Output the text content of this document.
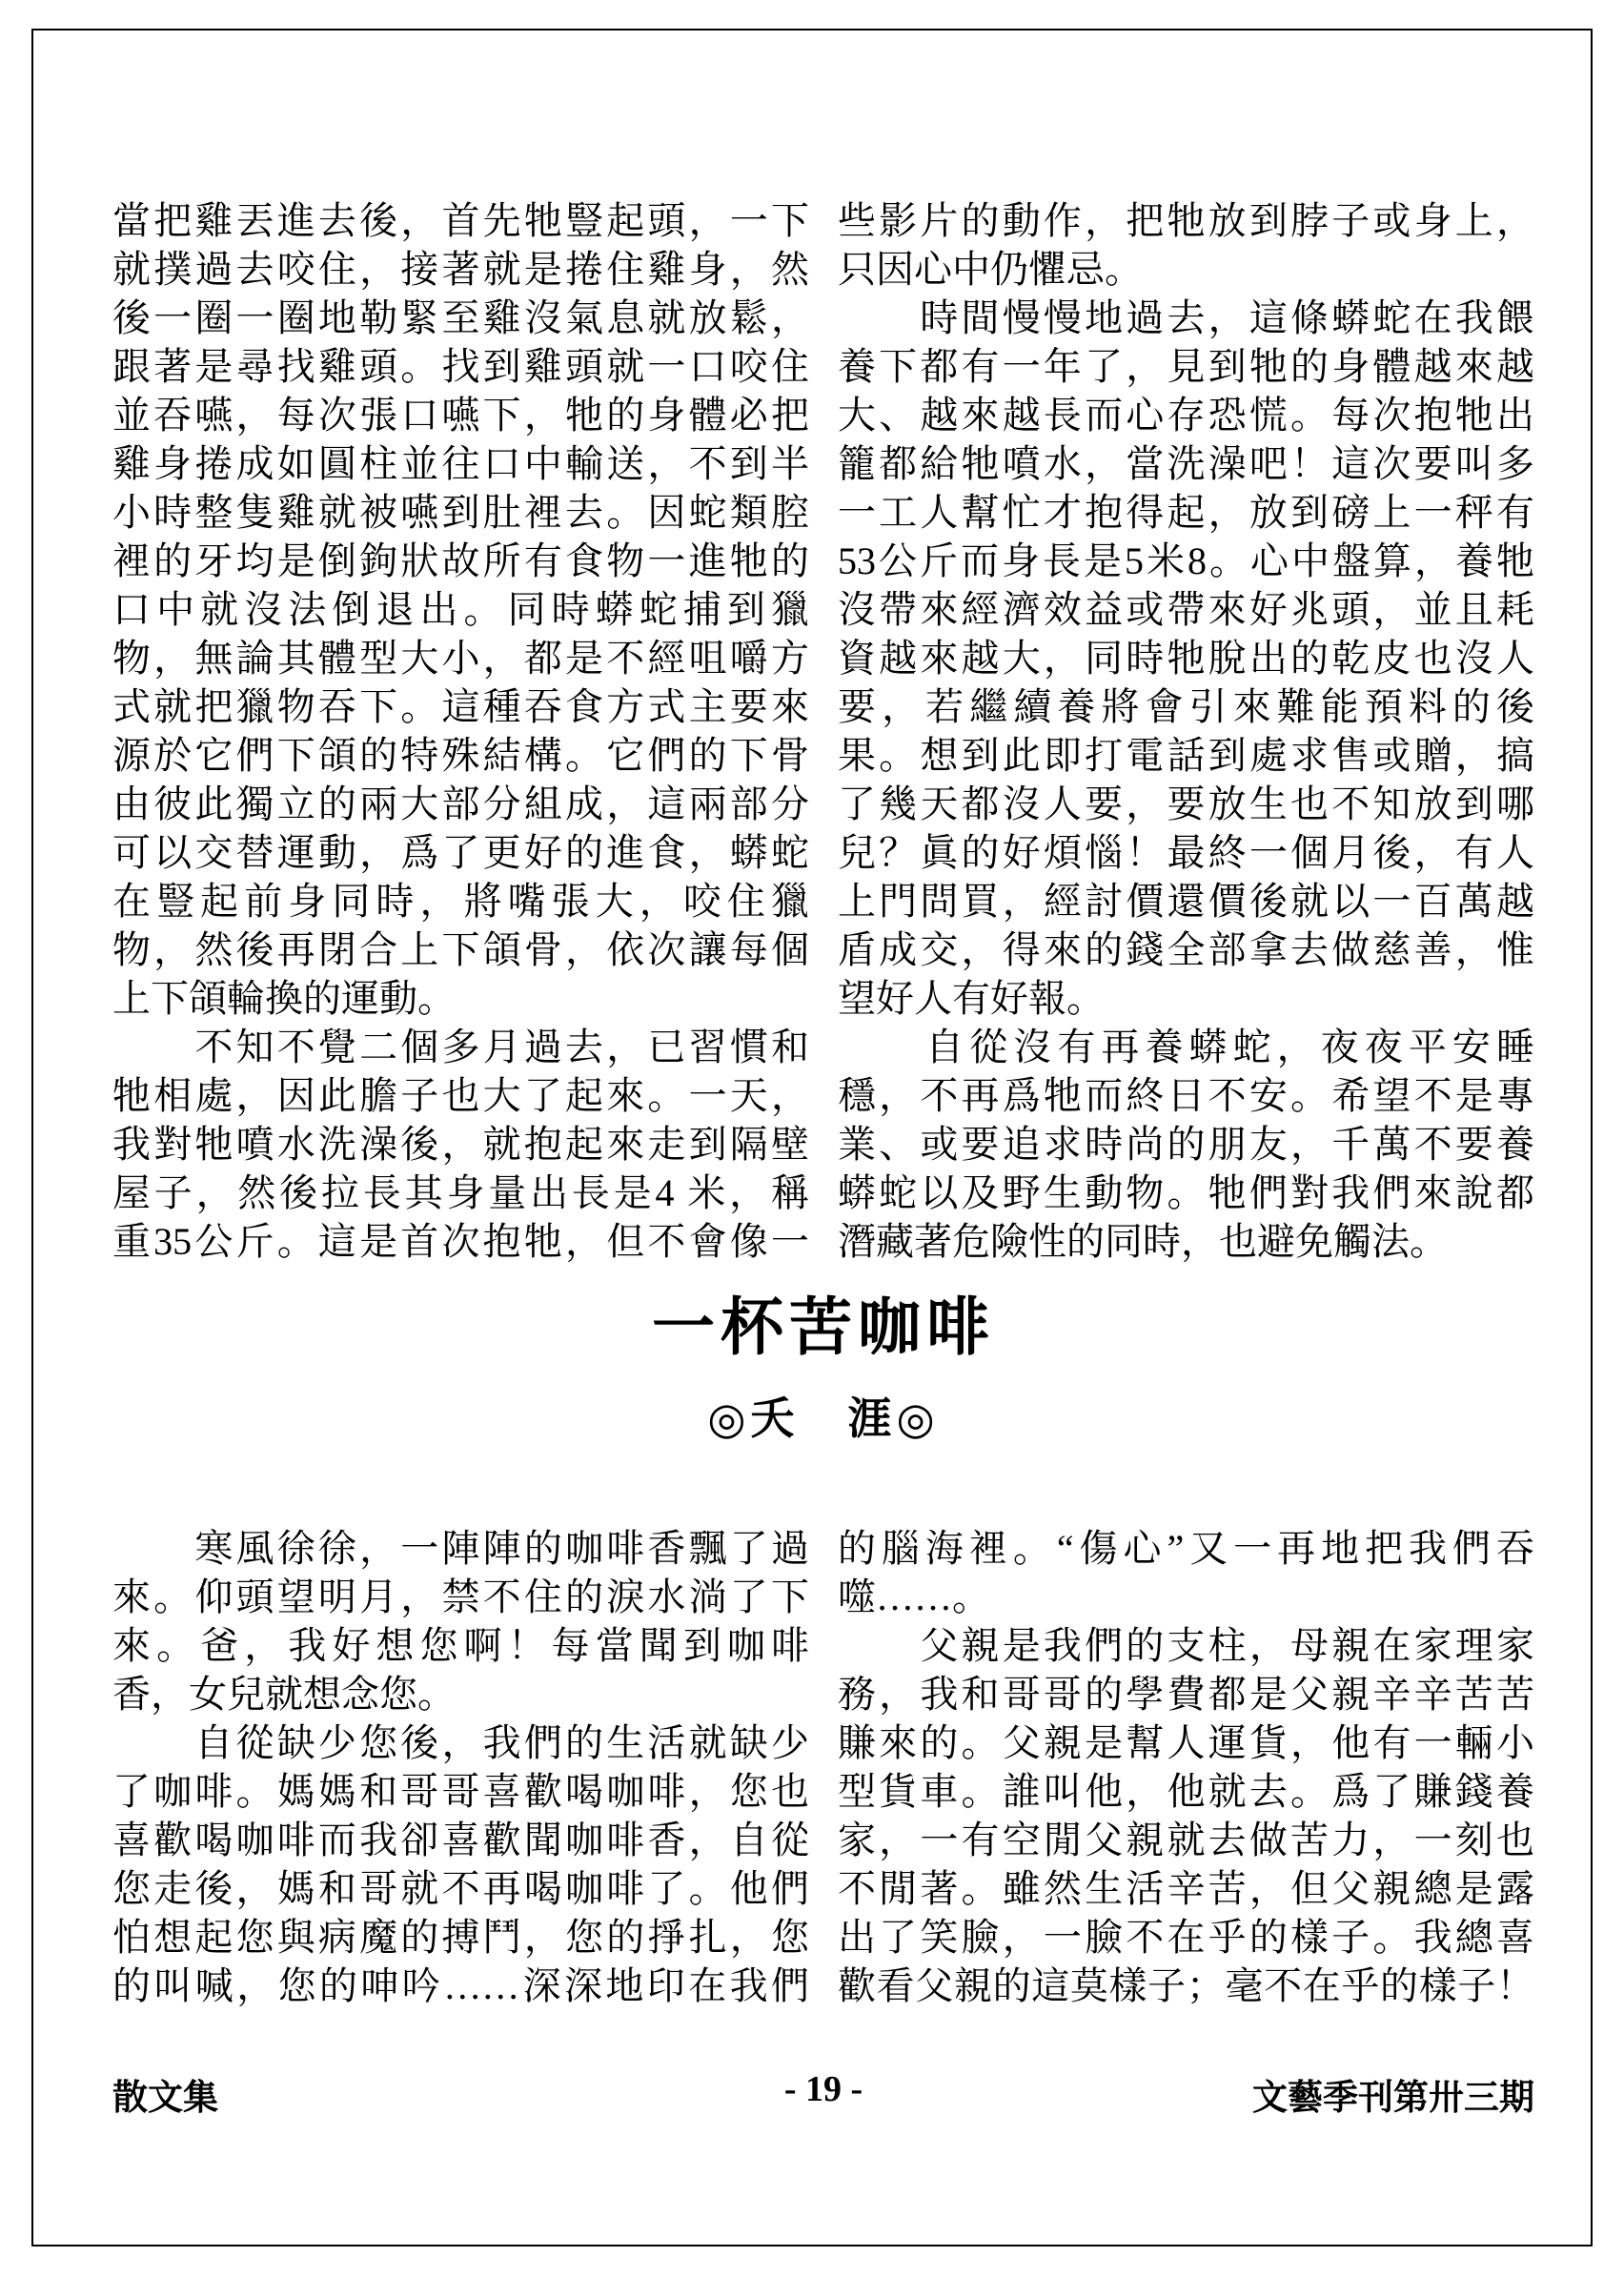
當把雞丟進去後，首先牠豎起頭，一下
就撲過去咬住，接著就是捲住雞身，然
後一圈一圈地勒緊至雞沒氣息就放鬆，
跟著是尋找雞頭。找到雞頭就一口咬住
並吞嚥，每次張口嚥下，牠的身體必把
雞身捲成如圓柱並往口中輸送，不到半
小時整隻雞就被嚥到肚裡去。因蛇類腔
裡的牙均是倒鉤狀故所有食物一進牠的
口中就沒法倒退出。同時蟒蛇捕到獵
物，無論其體型大小，都是不經咀嚼方
式就把獵物吞下。這種吞食方式主要來
源於它們下頜的特殊結構。它們的下骨
由彼此獨立的兩大部分組成，這兩部分
可以交替運動，爲了更好的進食，蟒蛇
在豎起前身同時，將嘴張大，咬住獵
物，然後再閉合上下頜骨，依次讓每個
上下頜輪換的運動。
　　不知不覺二個多月過去，已習慣和
牠相處，因此膽子也大了起來。一天，
我對牠噴水洗澡後，就抱起來走到隔壁
屋子，然後拉長其身量出長是4 米，稱
重35公斤。這是首次抱牠，但不會像一
些影片的動作，把牠放到脖子或身上，
只因心中仍懼忌。
　　時間慢慢地過去，這條蟒蛇在我餵
養下都有一年了，見到牠的身體越來越
大、越來越長而心存恐慌。每次抱牠出
籠都給牠噴水，當洗澡吧！這次要叫多
一工人幫忙才抱得起，放到磅上一秤有
53公斤而身長是5米8。心中盤算，養牠
沒帶來經濟效益或帶來好兆頭，並且耗
資越來越大，同時牠脫出的乾皮也沒人
要，若繼續養將會引來難能預料的後
果。想到此即打電話到處求售或贈，搞
了幾天都沒人要，要放生也不知放到哪
兒？眞的好煩惱！最終一個月後，有人
上門問買，經討價還價後就以一百萬越
盾成交，得來的錢全部拿去做慈善，惟
望好人有好報。
　　自從沒有再養蟒蛇，夜夜平安睡
穩，不再爲牠而終日不安。希望不是專
業、或要追求時尚的朋友，千萬不要養
蟒蛇以及野生動物。牠們對我們來說都
潛藏著危險性的同時，也避免觸法。
一杯苦咖啡
◎夭　涯◎
　　寒風徐徐，一陣陣的咖啡香飄了過
來。仰頭望明月，禁不住的淚水淌了下
來。爸，我好想您啊！每當聞到咖啡
香，女兒就想念您。
　　自從缺少您後，我們的生活就缺少
了咖啡。媽媽和哥哥喜歡喝咖啡，您也
喜歡喝咖啡而我卻喜歡聞咖啡香，自從
您走後，媽和哥就不再喝咖啡了。他們
怕想起您與病魔的搏鬥，您的掙扎，您
的叫喊，您的呻吟……深深地印在我們
的腦海裡。“傷心”又一再地把我們吞
噬……。
　　父親是我們的支柱，母親在家理家
務，我和哥哥的學費都是父親辛辛苦苦
賺來的。父親是幫人運貨，他有一輛小
型貨車。誰叫他，他就去。爲了賺錢養
家，一有空閒父親就去做苦力，一刻也
不閒著。雖然生活辛苦，但父親總是露
出了笑臉，一臉不在乎的樣子。我總喜
歡看父親的這莫樣子；毫不在乎的樣子！
散文集	- 19 -	文藝季刊第卅三期
